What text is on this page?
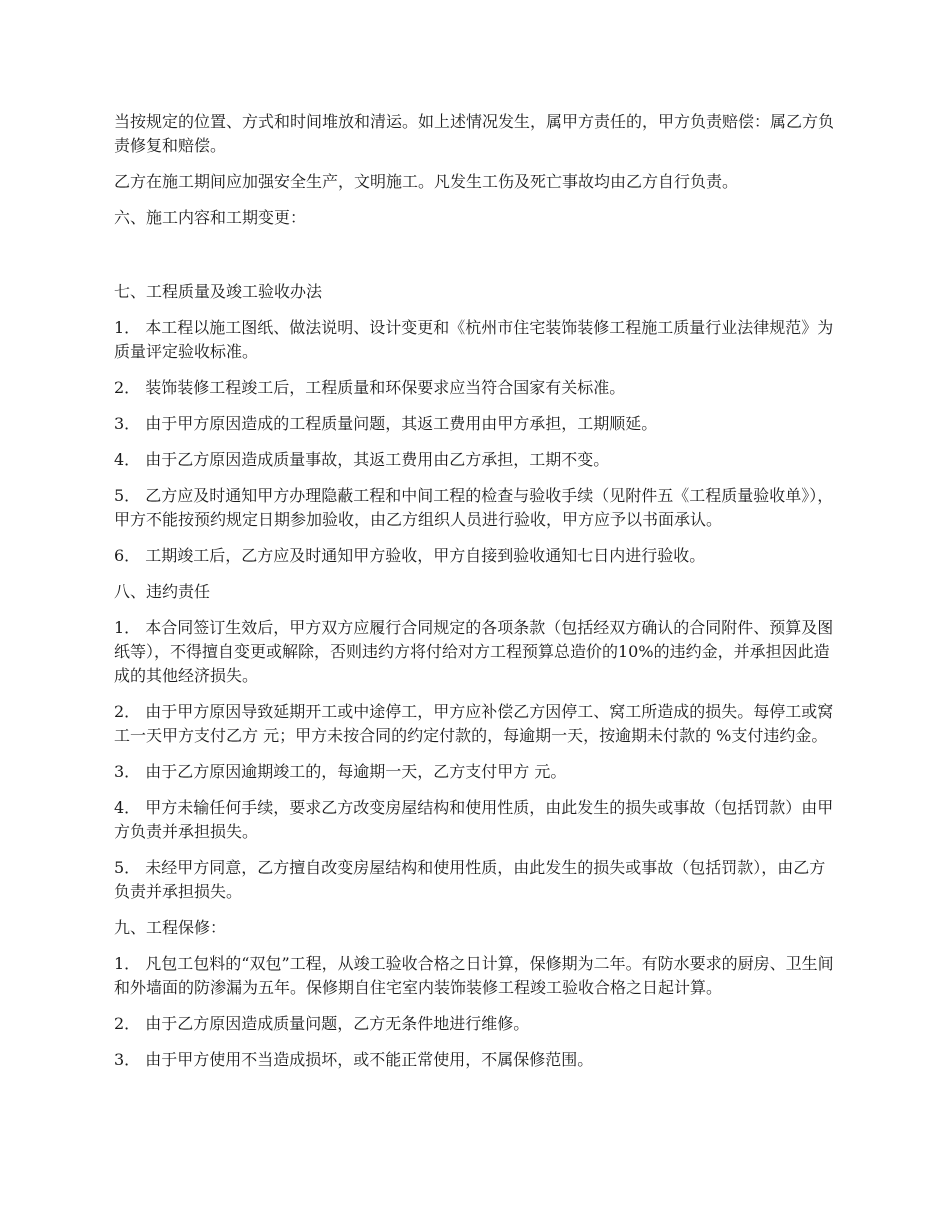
当按规定的位置、方式和时间堆放和清运。如上述情况发生，属甲方责任的，甲方负责赔偿：属乙方负责修复和赔偿。

乙方在施工期间应加强安全生产，文明施工。凡发生工伤及死亡事故均由乙方自行负责。

六、施工内容和工期变更：

七、工程质量及竣工验收办法

1． 本工程以施工图纸、做法说明、设计变更和《杭州市住宅装饰装修工程施工质量行业法律规范》为质量评定验收标准。

2． 装饰装修工程竣工后，工程质量和环保要求应当符合国家有关标准。

3． 由于甲方原因造成的工程质量问题，其返工费用由甲方承担，工期顺延。

4． 由于乙方原因造成质量事故，其返工费用由乙方承担，工期不变。

5． 乙方应及时通知甲方办理隐蔽工程和中间工程的检查与验收手续（见附件五《工程质量验收单》），甲方不能按预约规定日期参加验收，由乙方组织人员进行验收，甲方应予以书面承认。

6． 工期竣工后，乙方应及时通知甲方验收，甲方自接到验收通知七日内进行验收。

八、违约责任

1． 本合同签订生效后，甲方双方应履行合同规定的各项条款（包括经双方确认的合同附件、预算及图纸等），不得擅自变更或解除，否则违约方将付给对方工程预算总造价的10%的违约金，并承担因此造成的其他经济损失。

2． 由于甲方原因导致延期开工或中途停工，甲方应补偿乙方因停工、窝工所造成的损失。每停工或窝工一天甲方支付乙方 元；甲方未按合同的约定付款的，每逾期一天，按逾期未付款的 %支付违约金。

3． 由于乙方原因逾期竣工的，每逾期一天，乙方支付甲方 元。

4． 甲方未输任何手续，要求乙方改变房屋结构和使用性质，由此发生的损失或事故（包括罚款）由甲方负责并承担损失。

5． 未经甲方同意，乙方擅自改变房屋结构和使用性质，由此发生的损失或事故（包括罚款），由乙方负责并承担损失。

九、工程保修：

1． 凡包工包料的“双包”工程，从竣工验收合格之日计算，保修期为二年。有防水要求的厨房、卫生间和外墙面的防渗漏为五年。保修期自住宅室内装饰装修工程竣工验收合格之日起计算。

2． 由于乙方原因造成质量问题，乙方无条件地进行维修。

3． 由于甲方使用不当造成损坏，或不能正常使用，不属保修范围。
